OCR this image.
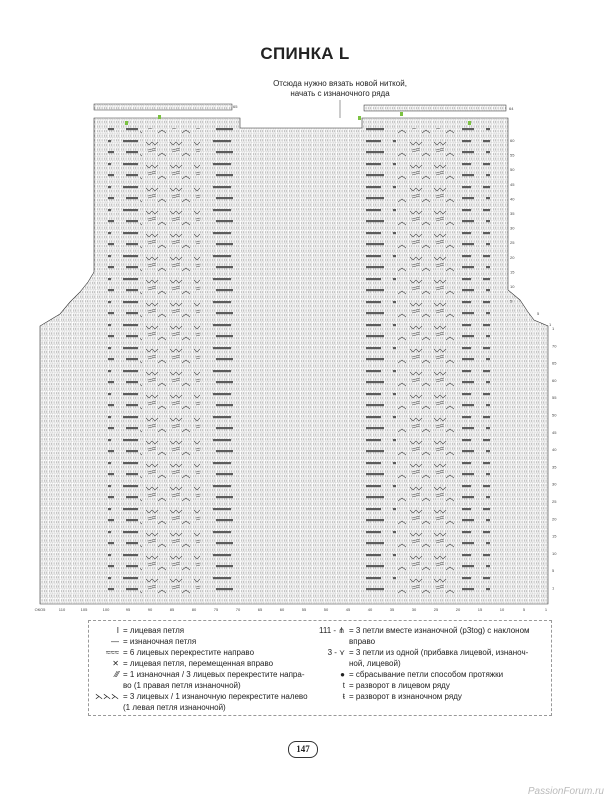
СПИНКА L
Отсюда нужно вязать новой ниткой,
начать с изнаночного ряда
60
55
50
45
40
35
30
25
20
15
10
5
1
70
65
60
55
50
45
40
35
30
25
20
15
10
5
1
ОКО5	110	105	100	95	90	85	80	75	70	65	60	55	50	45	40	35	30	25	20	15	10	5	1
65	64
5
1
I = лицевая петля
— = изнаночная петля
≈≈≈ = 6 лицевых перекрестите направо
✕ = лицевая петля, перемещенная вправо
⁄⁄⁄ = 1 изнаночная / 3 лицевых перекрестите напра-
во (1 правая петля изнаночной)
⋋⋋⋋ = 3 лицевых / 1 изнаночную перекрестите налево
(1 левая петля изнаночной)
111 - ⋔ = 3 петли вместе изнаночной (p3tog) с наклоном
вправо
3 - ⋎ = 3 петли из одной (прибавка лицевой, изнаноч-
ной, лицевой)
● = сбрасывание петли способом протяжки
t = разворот в лицевом ряду
ŧ = разворот в изнаночном ряду
147
PassionForum.ru
